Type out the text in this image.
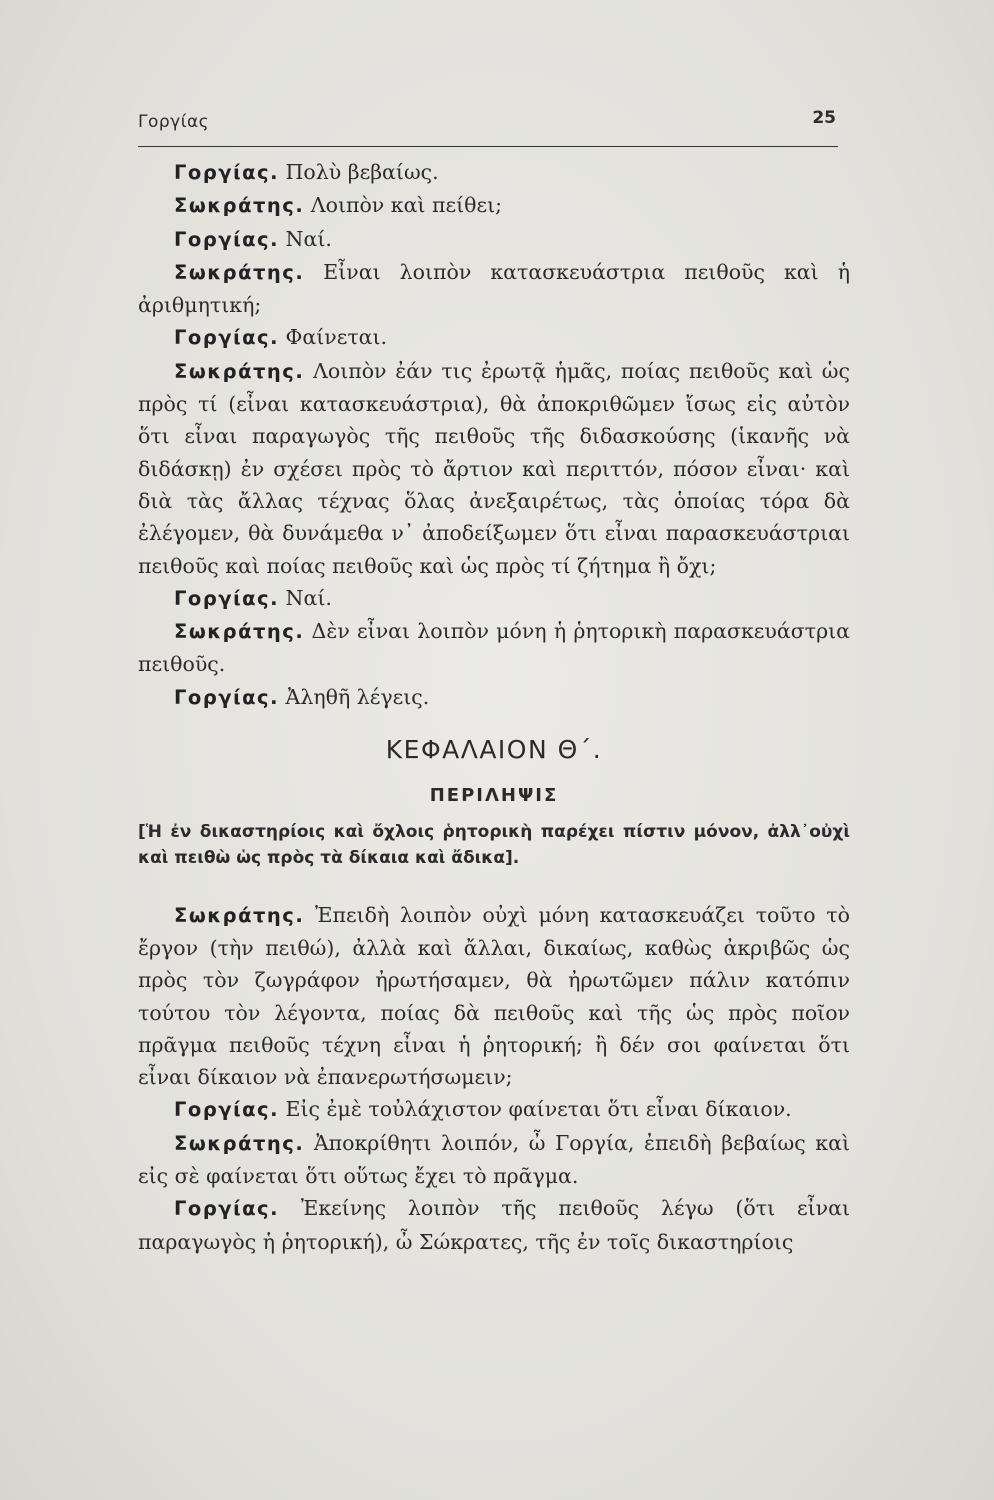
Γοργίας	25

Γοργίας. Πολὺ βεβαίως.

Σωκράτης. Λοιπὸν καὶ πείθει;

Γοργίας. Ναί.

Σωκράτης. Εἶναι λοιπὸν κατασκευάστρια πειθοῦς καὶ ἡ ἀριθμητική;

Γοργίας. Φαίνεται.

Σωκράτης. Λοιπὸν ἐάν τις ἐρωτᾷ ἡμᾶς, ποίας πειθοῦς καὶ ὡς πρὸς τί (εἶναι κατασκευάστρια), θὰ ἀποκριθῶμεν ἴσως εἰς αὐτὸν ὅτι εἶναι παραγωγὸς τῆς πειθοῦς τῆς διδασκούσης (ἱκανῆς νὰ διδάσκῃ) ἐν σχέσει πρὸς τὸ ἄρτιον καὶ περιττόν, πόσον εἶναι· καὶ διὰ τὰς ἄλλας τέχνας ὅλας ἀνεξαιρέτως, τὰς ὁποίας τόρα δὰ ἐλέγομεν, θὰ δυνάμεθα ν᾽ ἀποδείξωμεν ὅτι εἶναι παρασκευάστριαι πειθοῦς καὶ ποίας πειθοῦς καὶ ὡς πρὸς τί ζήτημα ἢ ὄχι;

Γοργίας. Ναί.

Σωκράτης. Δὲν εἶναι λοιπὸν μόνη ἡ ῥητορικὴ παρασκευάστρια πειθοῦς.

Γοργίας. Ἀληθῆ λέγεις.

ΚΕΦΑΛΑΙΟΝ Θ΄.

ΠΕΡΙΛΗΨΙΣ

[Ἡ ἐν δικαστηρίοις καὶ ὄχλοις ῥητορικὴ παρέχει πίστιν μόνον, ἀλλ᾽οὐχὶ καὶ πειθὼ ὡς πρὸς τὰ δίκαια καὶ ἄδικα].

Σωκράτης. Ἐπειδὴ λοιπὸν οὐχὶ μόνη κατασκευάζει τοῦτο τὸ ἔργον (τὴν πειθώ), ἀλλὰ καὶ ἄλλαι, δικαίως, καθὼς ἀκριβῶς ὡς πρὸς τὸν ζωγράφον ἠρωτήσαμεν, θὰ ἠρωτῶμεν πάλιν κατόπιν τούτου τὸν λέγοντα, ποίας δὰ πειθοῦς καὶ τῆς ὡς πρὸς ποῖον πρᾶγμα πειθοῦς τέχνη εἶναι ἡ ῥητορική; ἢ δέν σοι φαίνεται ὅτι εἶναι δίκαιον νὰ ἐπανερωτήσωμειν;

Γοργίας. Εἰς ἐμὲ τοὐλάχιστον φαίνεται ὅτι εἶναι δίκαιον.

Σωκράτης. Ἀποκρίθητι λοιπόν, ὦ Γοργία, ἐπειδὴ βεβαίως καὶ εἰς σὲ φαίνεται ὅτι οὕτως ἔχει τὸ πρᾶγμα.

Γοργίας. Ἐκείνης λοιπὸν τῆς πειθοῦς λέγω (ὅτι εἶναι παραγωγὸς ἡ ῥητορική), ὦ Σώκρατες, τῆς ἐν τοῖς δικαστηρίοις
